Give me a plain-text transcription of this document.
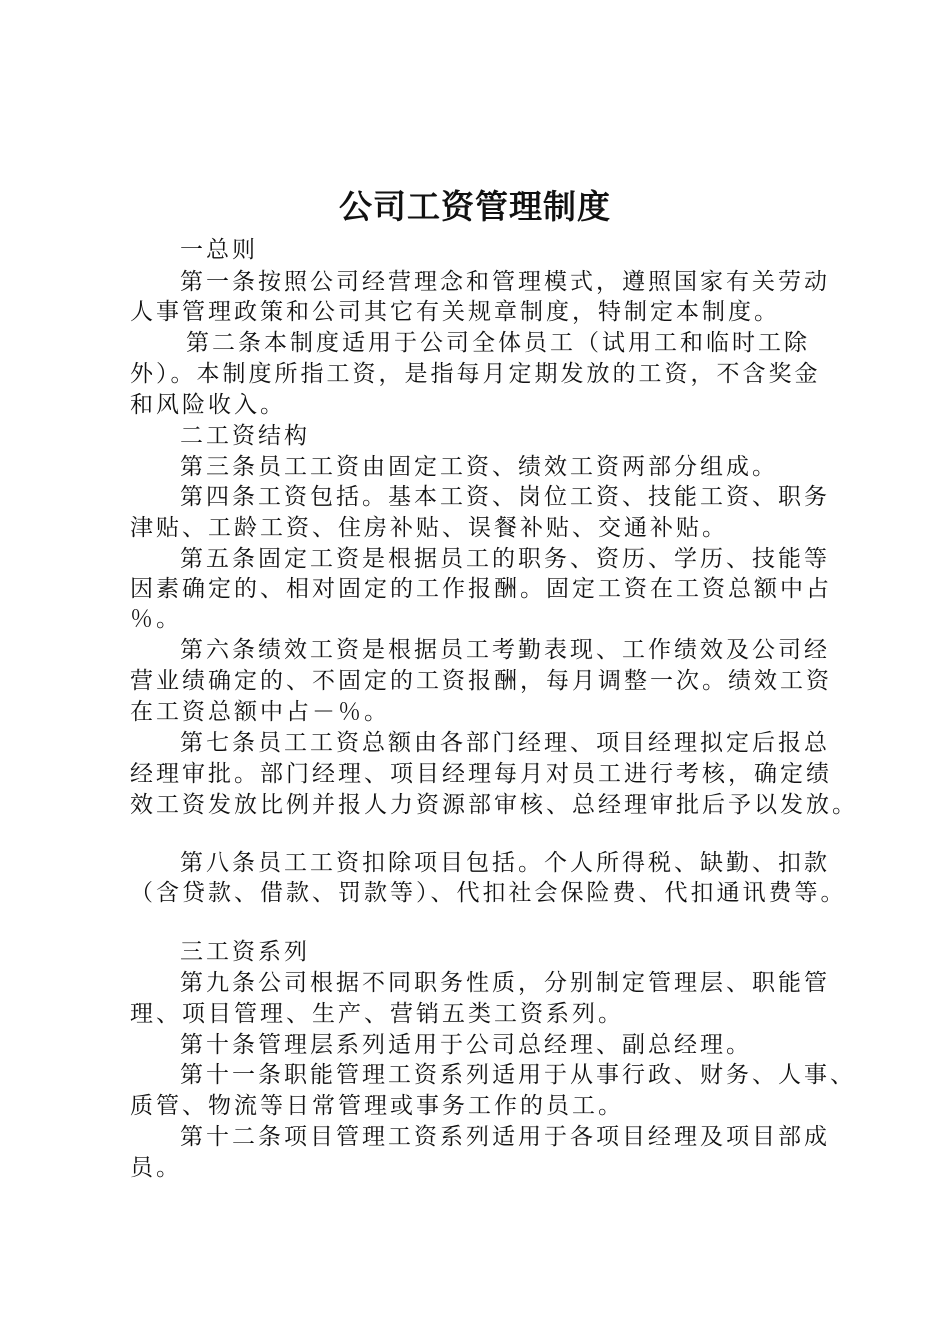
公司工资管理制度
一总则
第一条按照公司经营理念和管理模式，遵照国家有关劳动
人事管理政策和公司其它有关规章制度，特制定本制度。
第二条本制度适用于公司全体员工（试用工和临时工除
外）。本制度所指工资，是指每月定期发放的工资，不含奖金
和风险收入。
二工资结构
第三条员工工资由固定工资、绩效工资两部分组成。
第四条工资包括。基本工资、岗位工资、技能工资、职务
津贴、工龄工资、住房补贴、误餐补贴、交通补贴。
第五条固定工资是根据员工的职务、资历、学历、技能等
因素确定的、相对固定的工作报酬。固定工资在工资总额中占
％。
第六条绩效工资是根据员工考勤表现、工作绩效及公司经
营业绩确定的、不固定的工资报酬，每月调整一次。绩效工资
在工资总额中占－％。
第七条员工工资总额由各部门经理、项目经理拟定后报总
经理审批。部门经理、项目经理每月对员工进行考核，确定绩
效工资发放比例并报人力资源部审核、总经理审批后予以发放。
第八条员工工资扣除项目包括。个人所得税、缺勤、扣款
（含贷款、借款、罚款等）、代扣社会保险费、代扣通讯费等。
三工资系列
第九条公司根据不同职务性质，分别制定管理层、职能管
理、项目管理、生产、营销五类工资系列。
第十条管理层系列适用于公司总经理、副总经理。
第十一条职能管理工资系列适用于从事行政、财务、人事、
质管、物流等日常管理或事务工作的员工。
第十二条项目管理工资系列适用于各项目经理及项目部成
员。
